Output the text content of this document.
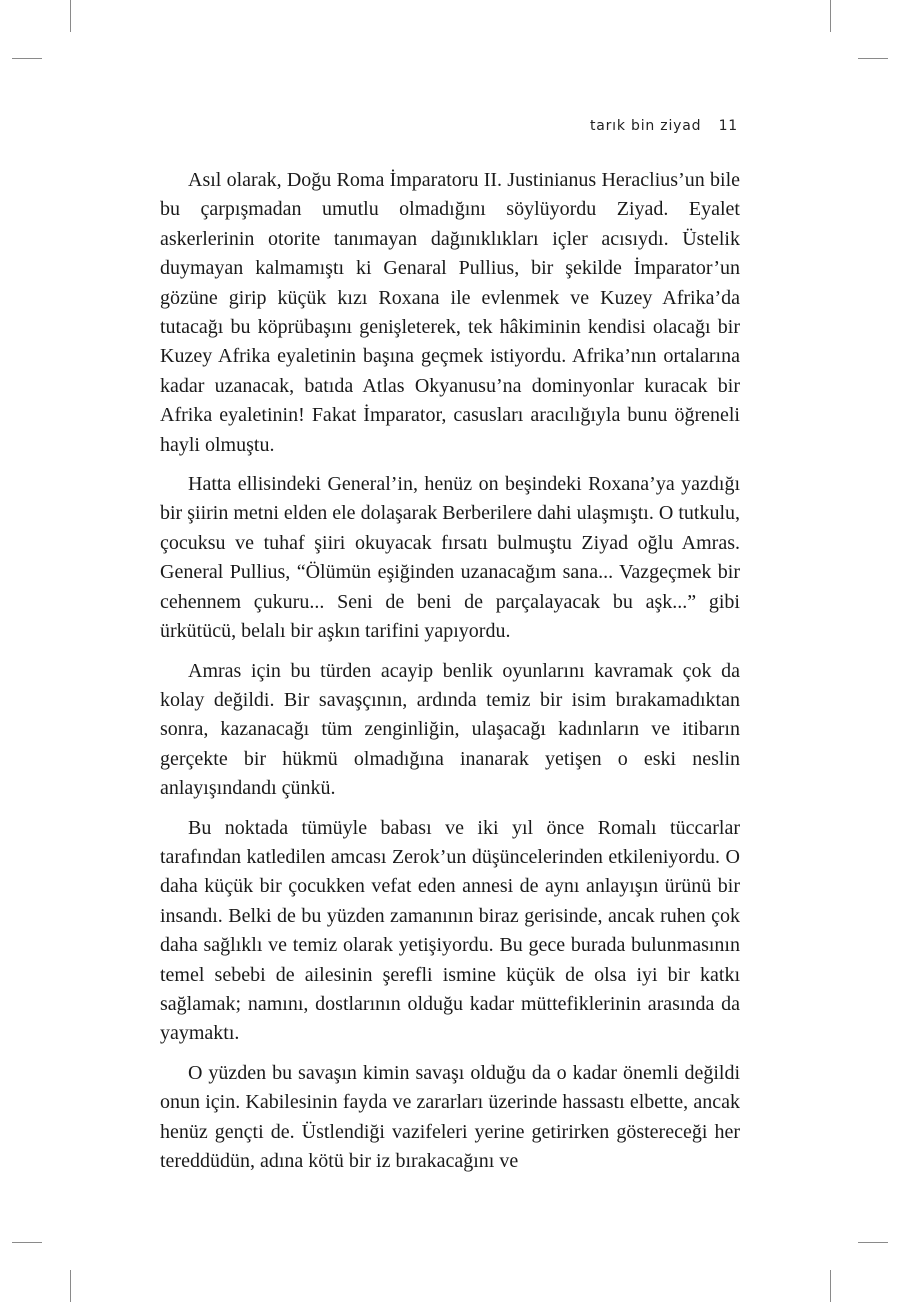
tarık bin ziyad 11

Asıl olarak, Doğu Roma İmparatoru II. Justinianus Heraclius’un bile bu çarpışmadan umutlu olmadığını söylüyordu Ziyad. Eyalet askerlerinin otorite tanımayan dağınıklıkları içler acısıydı. Üstelik duymayan kalmamıştı ki Genaral Pullius, bir şekilde İmparator’un gözüne girip küçük kızı Roxana ile evlenmek ve Kuzey Afrika’da tutacağı bu köprübaşını genişleterek, tek hâkiminin kendisi olacağı bir Kuzey Afrika eyaletinin başına geçmek istiyordu. Afrika’nın ortalarına kadar uzanacak, batıda Atlas Okyanusu’na dominyonlar kuracak bir Afrika eyaletinin! Fakat İmparator, casusları aracılığıyla bunu öğreneli hayli olmuştu.

Hatta ellisindeki General’in, henüz on beşindeki Roxana’ya yazdığı bir şiirin metni elden ele dolaşarak Berberilere dahi ulaşmıştı. O tutkulu, çocuksu ve tuhaf şiiri okuyacak fırsatı bulmuştu Ziyad oğlu Amras. General Pullius, “Ölümün eşiğinden uzanacağım sana... Vazgeçmek bir cehennem çukuru... Seni de beni de parçalayacak bu aşk...” gibi ürkütücü, belalı bir aşkın tarifini yapıyordu.

Amras için bu türden acayip benlik oyunlarını kavramak çok da kolay değildi. Bir savaşçının, ardında temiz bir isim bırakamadıktan sonra, kazanacağı tüm zenginliğin, ulaşacağı kadınların ve itibarın gerçekte bir hükmü olmadığına inanarak yetişen o eski neslin anlayışındandı çünkü.

Bu noktada tümüyle babası ve iki yıl önce Romalı tüccarlar tarafından katledilen amcası Zerok’un düşüncelerinden etkileniyordu. O daha küçük bir çocukken vefat eden annesi de aynı anlayışın ürünü bir insandı. Belki de bu yüzden zamanının biraz gerisinde, ancak ruhen çok daha sağlıklı ve temiz olarak yetişiyordu. Bu gece burada bulunmasının temel sebebi de ailesinin şerefli ismine küçük de olsa iyi bir katkı sağlamak; namını, dostlarının olduğu kadar müttefiklerinin arasında da yaymaktı.

O yüzden bu savaşın kimin savaşı olduğu da o kadar önemli değildi onun için. Kabilesinin fayda ve zararları üzerinde hassastı elbette, ancak henüz gençti de. Üstlendiği vazifeleri yerine getirirken göstereceği her tereddüdün, adına kötü bir iz bırakacağını ve
